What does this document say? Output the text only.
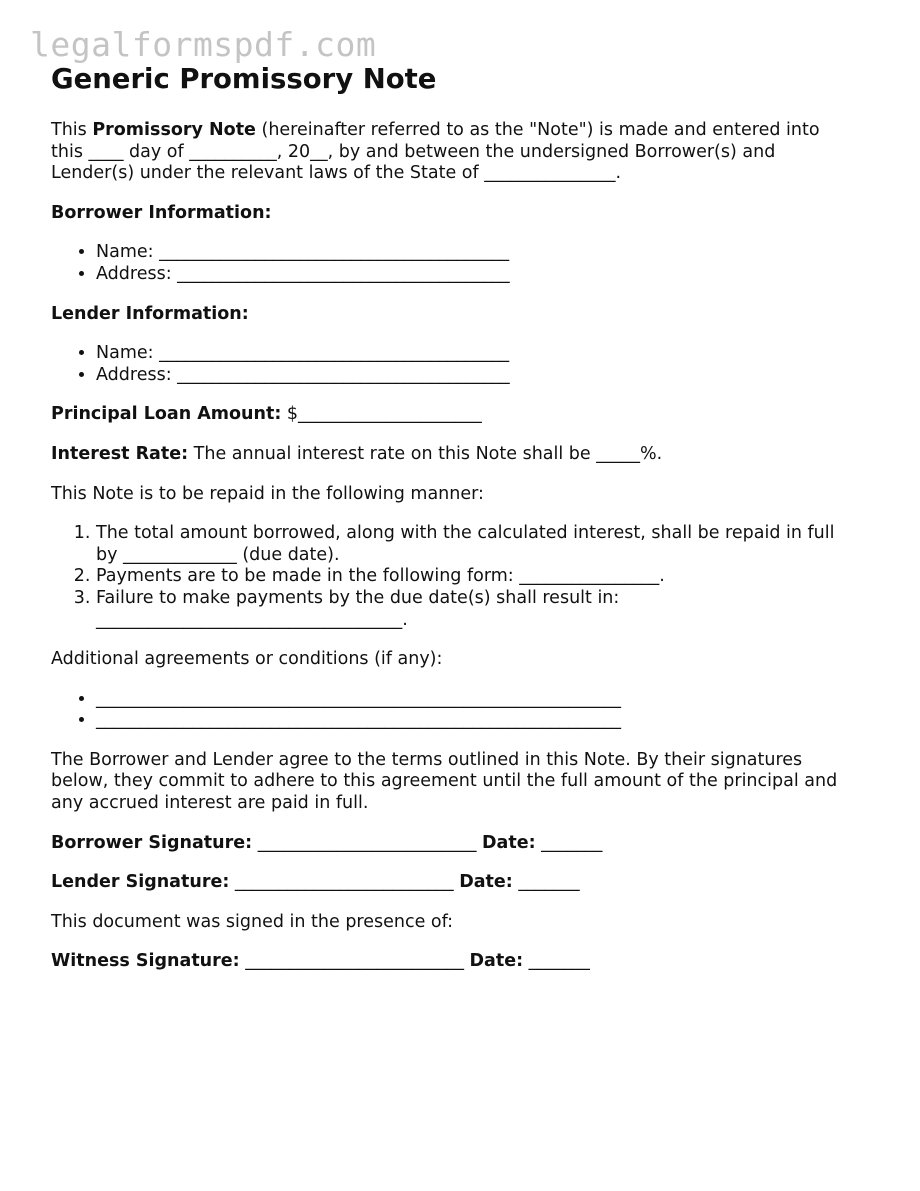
legalformspdf.com
Generic Promissory Note

This Promissory Note (hereinafter referred to as the "Note") is made and entered into
this ____ day of __________, 20__, by and between the undersigned Borrower(s) and
Lender(s) under the relevant laws of the State of _______________.

Borrower Information:
• Name: ________________________________________
• Address: ______________________________________
Lender Information:
• Name: ________________________________________
• Address: ______________________________________

Principal Loan Amount: $_____________________

Interest Rate: The annual interest rate on this Note shall be _____%.

This Note is to be repaid in the following manner:

1. The total amount borrowed, along with the calculated interest, shall be repaid in full
by _____________ (due date).
2. Payments are to be made in the following form: ________________.
3. Failure to make payments by the due date(s) shall result in:
___________________________________.

Additional agreements or conditions (if any):

• ____________________________________________________________
• ____________________________________________________________

The Borrower and Lender agree to the terms outlined in this Note. By their signatures
below, they commit to adhere to this agreement until the full amount of the principal and
any accrued interest are paid in full.

Borrower Signature: _________________________ Date: _______

Lender Signature: _________________________ Date: _______

This document was signed in the presence of:

Witness Signature: _________________________ Date: _______
